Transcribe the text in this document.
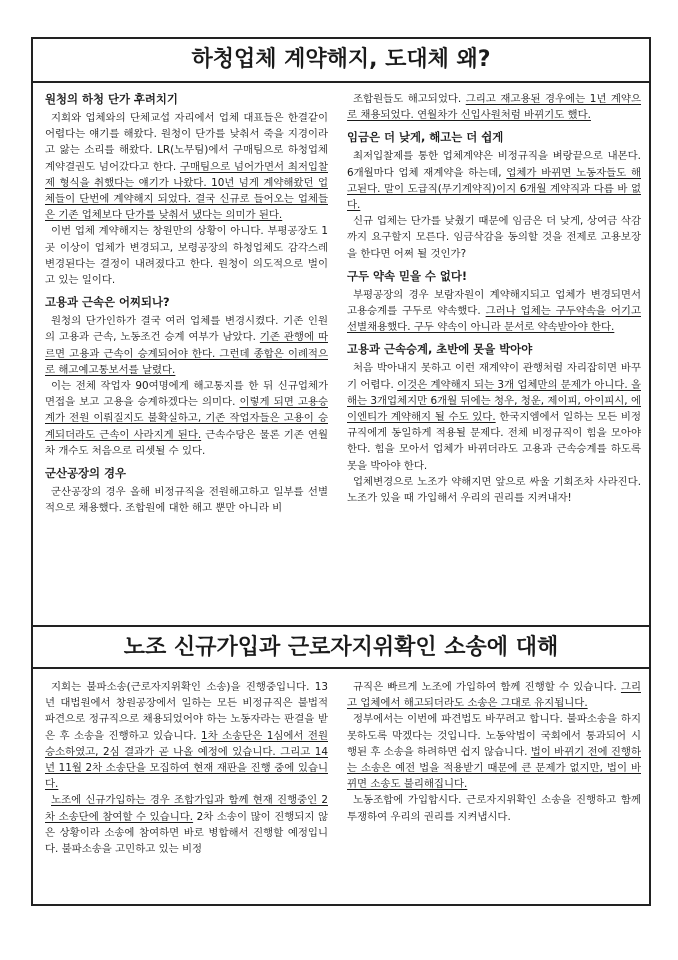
하청업체 계약해지, 도대체 왜?
원청의 하청 단가 후려치기

지회와 업체와의 단체교섭 자리에서 업체 대표들은 한결같이 어렵다는 얘기를 해왔다. 원청이 단가를 낮춰서 죽을 지경이라고 앓는 소리를 해왔다. LR(노무팀)에서 구매팀으로 하청업체 계약결권도 넘어갔다고 한다. 구매팀으로 넘어가면서 최저입찰제 형식을 취했다는 얘기가 나왔다. 10년 넘게 계약해왔던 업체들이 단번에 계약해지 되었다. 결국 신규로 들어오는 업체들은 기존 업체보다 단가를 낮춰서 냈다는 의미가 된다.

이번 업체 계약해지는 창원만의 상황이 아니다. 부평공장도 1곳 이상이 업체가 변경되고, 보령공장의 하청업체도 감각스레 변경된다는 결정이 내려졌다고 한다. 원청이 의도적으로 벌이고 있는 일이다.

고용과 근속은 어찌되나?

원청의 단가인하가 결국 여러 업체를 변경시켰다. 기존 인원의 고용과 근속, 노동조건 승계 여부가 남았다. 기존 관행에 따르면 고용과 근속이 승계되어야 한다. 그런데 종합은 이례적으로 해고예고통보서를 날렸다.

이는 전체 작업자 90여명에게 해고통지를 한 뒤 신규업체가 면접을 보고 고용을 승계하겠다는 의미다. 이렇게 되면 고용승계가 전원 이뤄질지도 불확실하고, 기존 작업자들은 고용이 승계되더라도 근속이 사라지게 된다. 근속수당은 물론 기존 연월차 개수도 처음으로 리셋될 수 있다.

군산공장의 경우

군산공장의 경우 올해 비정규직을 전원해고하고 일부를 선별적으로 채용했다. 조합원에 대한 해고 뿐만 아니라 비

조합원들도 해고되었다. 그리고 재고용된 경우에는 1년 계약으로 채용되었다. 연월차가 신입사원처럼 바뀌기도 했다.

임금은 더 낮게, 해고는 더 쉽게

최저입찰제를 통한 업체계약은 비정규직을 벼랑끝으로 내몬다. 6개월마다 업체 재계약을 하는데, 업체가 바뀌면 노동자들도 해고된다. 말이 도급직(무기계약직)이지 6개월 계약직과 다름 바 없다.

신규 업체는 단가를 낮췄기 때문에 임금은 더 낮게, 상여금 삭감까지 요구할지 모른다. 임금삭감을 동의할 것을 전제로 고용보장을 한다면 어쩌 될 것인가?

구두 약속 믿을 수 없다!

부평공장의 경우 보람자원이 계약해지되고 업체가 변경되면서 고용승계를 구두로 약속했다. 그러나 업체는 구두약속을 어기고 선별채용했다. 구두 약속이 아니라 문서로 약속받아야 한다.

고용과 근속승계, 초반에 못을 박아야

처음 박아내지 못하고 이런 재계약이 관행처럼 자리잡히면 바꾸기 어렵다. 이것은 계약해지 되는 3개 업체만의 문제가 아니다. 올해는 3개업체지만 6개월 뒤에는 청우, 청운, 제이피, 아이피시, 에이엔티가 계약해지 될 수도 있다. 한국지엠에서 일하는 모든 비정규직에게 동일하게 적용될 문제다. 전체 비정규직이 힘을 모아야 한다. 힘을 모아서 업체가 바뀌더라도 고용과 근속승계를 하도록 못을 박아야 한다.

업체변경으로 노조가 약해지면 앞으로 싸울 기회조차 사라진다. 노조가 있을 때 가입해서 우리의 권리를 지켜내자!

노조 신규가입과 근로자지위확인 소송에 대해

지회는 불파소송(근로자지위확인 소송)을 진행중입니다. 13년 대법원에서 창원공장에서 일하는 모든 비정규직은 불법적 파견으로 정규직으로 채용되었어야 하는 노동자라는 판결을 받은 후 소송을 진행하고 있습니다. 1차 소송단은 1심에서 전원 승소하였고, 2심 결과가 곧 나올 예정에 있습니다. 그리고 14년 11월 2차 소송단을 모집하여 현재 재판을 진행 중에 있습니다.

노조에 신규가입하는 경우 조합가입과 함께 현재 진행중인 2차 소송단에 참여할 수 있습니다. 2차 소송이 많이 진행되지 않은 상황이라 소송에 참여하면 바로 병합해서 진행할 예정입니다. 불파소송을 고민하고 있는 비정

규직은 빠르게 노조에 가입하여 함께 진행할 수 있습니다. 그리고 업체에서 해고되더라도 소송은 그대로 유지됩니다.

정부에서는 이번에 파견법도 바꾸려고 합니다. 불파소송을 하지 못하도록 막겠다는 것입니다. 노동악법이 국회에서 통과되어 시행된 후 소송을 하려하면 쉽지 않습니다. 법이 바뀌기 전에 진행하는 소송은 예전 법을 적용받기 때문에 큰 문제가 없지만, 법이 바뀌면 소송도 불리해집니다.

노동조합에 가입합시다. 근로자지위확인 소송을 진행하고 함께 투쟁하여 우리의 권리를 지켜냅시다.
